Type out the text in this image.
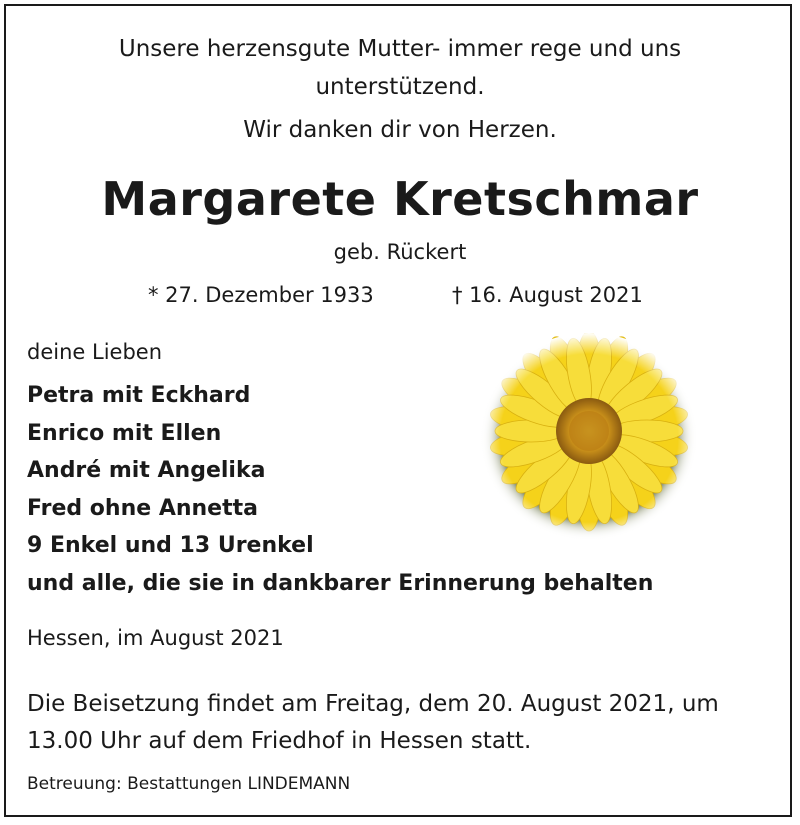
Unsere herzensgute Mutter- immer rege und uns
unterstützend.
Wir danken dir von Herzen.
Margarete Kretschmar
geb. Rückert
* 27. Dezember 1933	† 16. August 2021
deine Lieben
Petra mit Eckhard
Enrico mit Ellen
André mit Angelika
Fred ohne Annetta
9 Enkel und 13 Urenkel
und alle, die sie in dankbarer Erinnerung behalten
Hessen, im August 2021
Die Beisetzung findet am Freitag, dem 20. August 2021, um
13.00 Uhr auf dem Friedhof in Hessen statt.
Betreuung: Bestattungen LINDEMANN
